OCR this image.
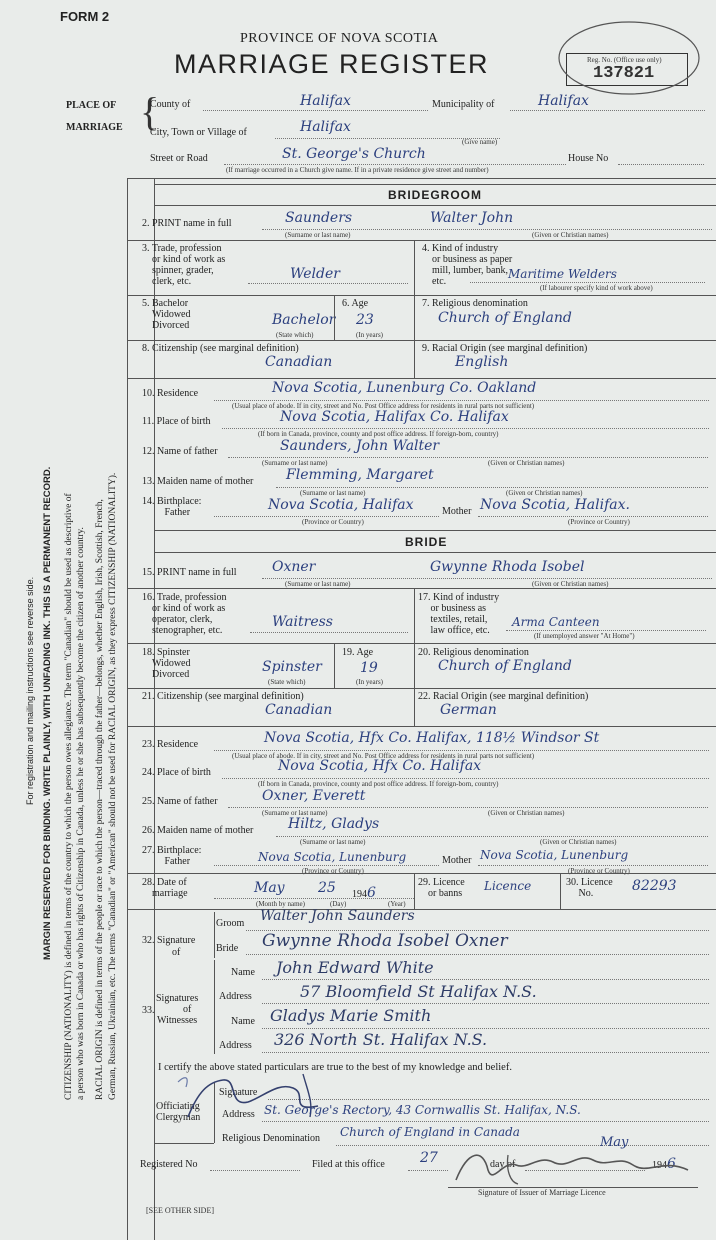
FORM 2
PROVINCE OF NOVA SCOTIA
MARRIAGE REGISTER	Reg. No. (Office use only)
137821
PLACE OF
MARRIAGE {
County of	Halifax	Municipality of	Halifax
City, Town or Village of	Halifax
(Give name)
Street or Road	St. George's Church	House No
(If marriage occurred in a Church give name. If in a private residence give street and number)
MARGIN RESERVED FOR BINDING. WRITE PLAINLY, WITH UNFADING INK. THIS IS A PERMANENT RECORD.
For registration and mailing instructions see reverse side.	CITIZENSHIP (NATIONALITY) is defined in terms of the country to which the person owes allegiance. The term "Canadian" should be used as descriptive of a person who was born in Canada or who has rights of Citizenship in Canada, unless he or she has subsequently become the citizen of another country. RACIAL ORIGIN is defined in terms of the people or race to which the person—traced through the father—belongs, whether English, Irish, Scottish, French, German, Russian, Ukrainian, etc. The terms "Canadian" or "American" should not be used for RACIAL ORIGIN, as they express CITIZENSHIP (NATIONALITY).
BRIDEGROOM
2. PRINT name in full	Saunders	Walter John
(Surname or last name)	(Given or Christian names)
3. Trade, profession
or kind of work as
spinner, grader,
clerk, etc.	Welder
4. Kind of industry
or business as paper
mill, lumber, bank,
etc.
Maritime Welders
(If labourer specify kind of work above)
5. Bachelor
Widowed
Divorced	Bachelor
(State which)
6. Age
23
(In years)
7. Religious denomination
Church of England
8. Citizenship (see marginal definition)
Canadian
9. Racial Origin (see marginal definition)
English
10. Residence	Nova Scotia, Lunenburg Co. Oakland
(Usual place of abode. If in city, street and No. Post Office address for residents in rural parts not sufficient)
11. Place of birth	Nova Scotia, Halifax Co. Halifax
(If born in Canada, province, county and post office address. If foreign-born, country)
12. Name of father	Saunders, John Walter
(Surname or last name)	(Given or Christian names)
13. Maiden name of mother Flemming, Margaret
(Surname or last name)	(Given or Christian names)
14. Birthplace:
Father	Nova Scotia, Halifax	Mother Nova Scotia, Halifax.
(Province or Country)	(Province or Country)
BRIDE
15. PRINT name in full	Oxner	Gwynne Rhoda Isobel
(Surname or last name)	(Given or Christian names)
16. Trade, profession
or kind of work as
operator, clerk,
stenographer, etc.
Waitress
17. Kind of industry
or business as
textiles, retail,
law office, etc.
Arma Canteen
(If unemployed answer "At Home")
18. Spinster
Widowed
Divorced	Spinster
(State which)
19. Age
19
(In years)
20. Religious denomination
Church of England
21. Citizenship (see marginal definition)
Canadian
22. Racial Origin (see marginal definition)
German
23. Residence	Nova Scotia, Hfx Co. Halifax, 118½ Windsor St
(Usual place of abode. If in city, street and No. Post Office address for residents in rural parts not sufficient)
24. Place of birth	Nova Scotia, Hfx Co. Halifax
(If born in Canada, province, county and post office address. If foreign-born, country)
25. Name of father	Oxner, Everett
(Surname or last name)	(Given or Christian names)
26. Maiden name of mother Hiltz, Gladys
(Surname or last name)	(Given or Christian names)
27. Birthplace:
Father	Nova Scotia, Lunenburg	Mother Nova Scotia, Lunenburg
(Province or Country)	(Province or Country)
28. Date of
marriage	May 25 1946
(Month by name)	(Day)	(Year)
29. Licence
or banns
Licence	30. Licence
No.	82293
32. Signature
of
Groom Walter John Saunders
Bride Gwynne Rhoda Isobel Oxner
Signatures
of
Witnesses
33.
Name John Edward White
Address	57 Bloomfield St Halifax N.S.
Name Gladys Marie Smith
Address 326 North St. Halifax N.S.
I certify the above stated particulars are true to the best of my knowledge and belief.
Officiating
Clergyman
Signature
Address St. George's Rectory, 43 Cornwallis St. Halifax, N.S.
Religious Denomination Church of England in Canada
Registered No	Filed at this office	27	day of
May
1946
Signature of Issuer of Marriage Licence
[SEE OTHER SIDE]
